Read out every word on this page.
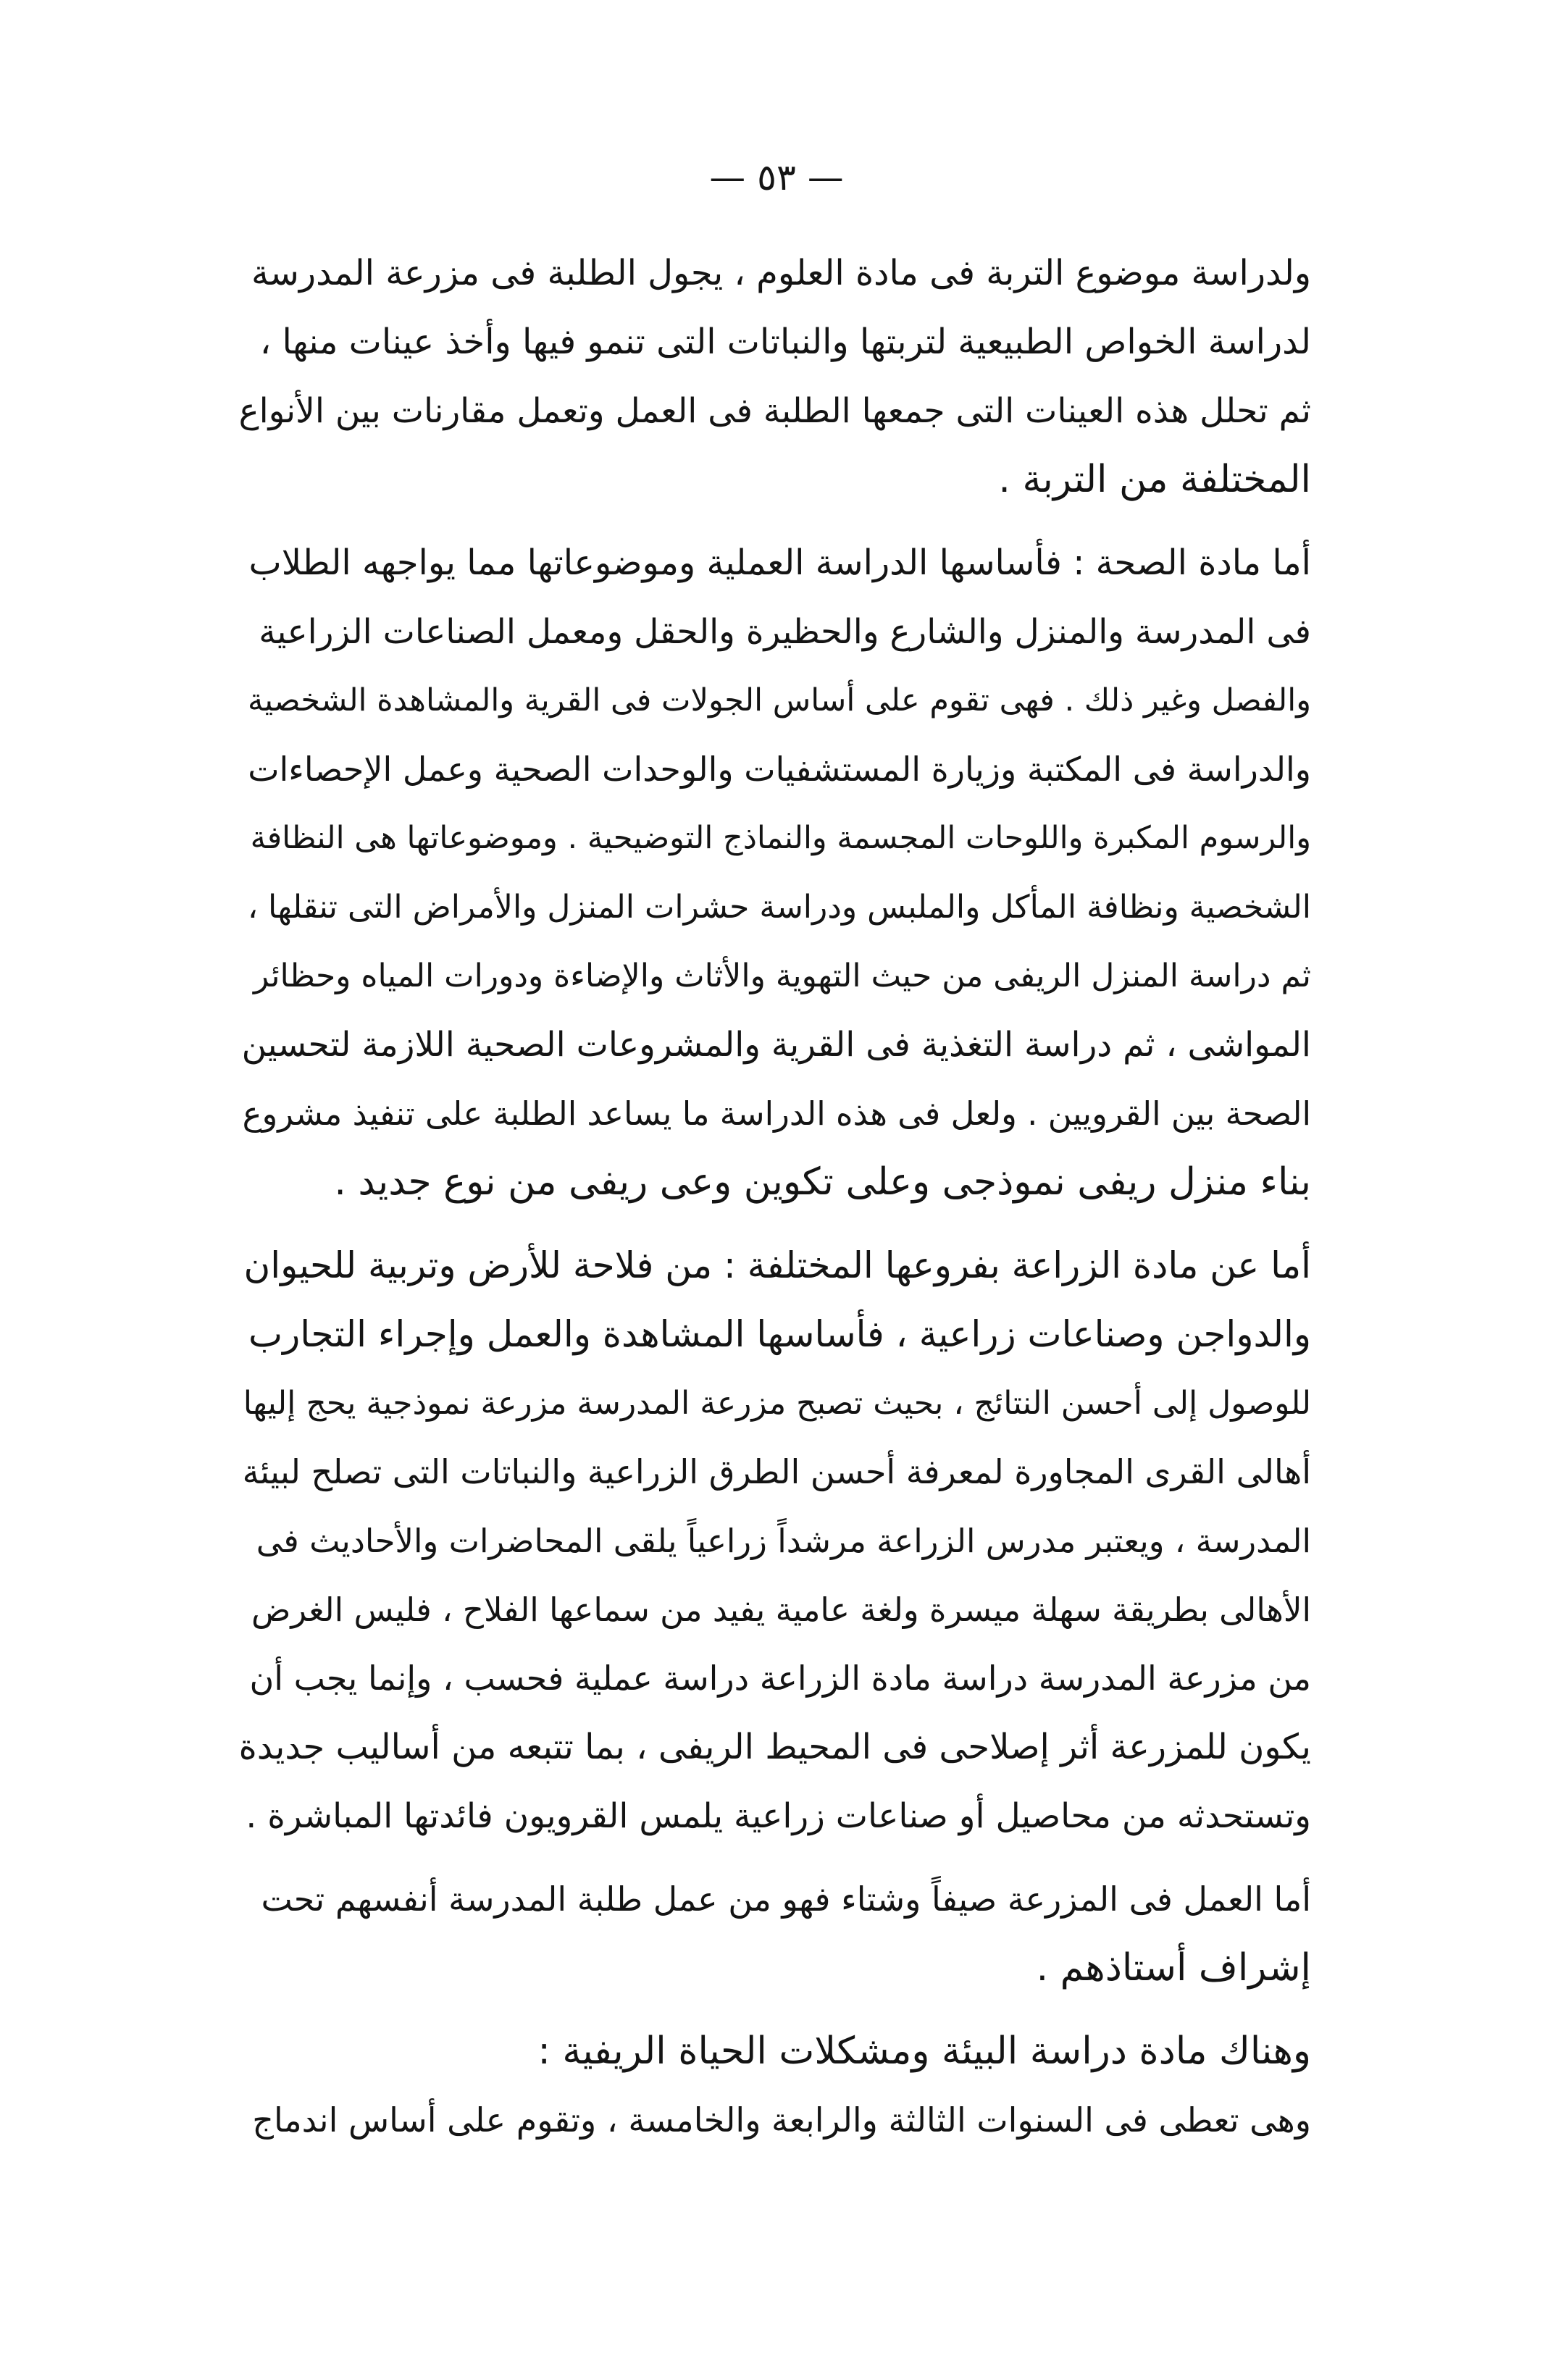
— ٥٣ —
ولدراسة موضوع التربة فى مادة العلوم ، يجول الطلبة فى مزرعة المدرسة
لدراسة الخواص الطبيعية لتربتها والنباتات التى تنمو فيها وأخذ عينات منها ،
ثم تحلل هذه العينات التى جمعها الطلبة فى العمل وتعمل مقارنات بين الأنواع
المختلفة من التربة .
أما مادة الصحة : فأساسها الدراسة العملية وموضوعاتها مما يواجهه الطلاب
فى المدرسة والمنزل والشارع والحظيرة والحقل ومعمل الصناعات الزراعية
والفصل وغير ذلك . فهى تقوم على أساس الجولات فى القرية والمشاهدة الشخصية
والدراسة فى المكتبة وزيارة المستشفيات والوحدات الصحية وعمل الإحصاءات
والرسوم المكبرة واللوحات المجسمة والنماذج التوضيحية . وموضوعاتها هى النظافة
الشخصية ونظافة المأكل والملبس ودراسة حشرات المنزل والأمراض التى تنقلها ،
ثم دراسة المنزل الريفى من حيث التهوية والأثاث والإضاءة ودورات المياه وحظائر
المواشى ، ثم دراسة التغذية فى القرية والمشروعات الصحية اللازمة لتحسين
الصحة بين القرويين . ولعل فى هذه الدراسة ما يساعد الطلبة على تنفيذ مشروع
بناء منزل ريفى نموذجى وعلى تكوين وعى ريفى من نوع جديد .
أما عن مادة الزراعة بفروعها المختلفة : من فلاحة للأرض وتربية للحيوان
والدواجن وصناعات زراعية ، فأساسها المشاهدة والعمل وإجراء التجارب
للوصول إلى أحسن النتائج ، بحيث تصبح مزرعة المدرسة مزرعة نموذجية يحج إليها
أهالى القرى المجاورة لمعرفة أحسن الطرق الزراعية والنباتات التى تصلح لبيئة
المدرسة ، ويعتبر مدرس الزراعة مرشداً زراعياً يلقى المحاضرات والأحاديث فى
الأهالى بطريقة سهلة ميسرة ولغة عامية يفيد من سماعها الفلاح ، فليس الغرض
من مزرعة المدرسة دراسة مادة الزراعة دراسة عملية فحسب ، وإنما يجب أن
يكون للمزرعة أثر إصلاحى فى المحيط الريفى ، بما تتبعه من أساليب جديدة
وتستحدثه من محاصيل أو صناعات زراعية يلمس القرويون فائدتها المباشرة .
أما العمل فى المزرعة صيفاً وشتاء فهو من عمل طلبة المدرسة أنفسهم تحت
إشراف أستاذهم .
وهناك مادة دراسة البيئة ومشكلات الحياة الريفية :
وهى تعطى فى السنوات الثالثة والرابعة والخامسة ، وتقوم على أساس اندماج
